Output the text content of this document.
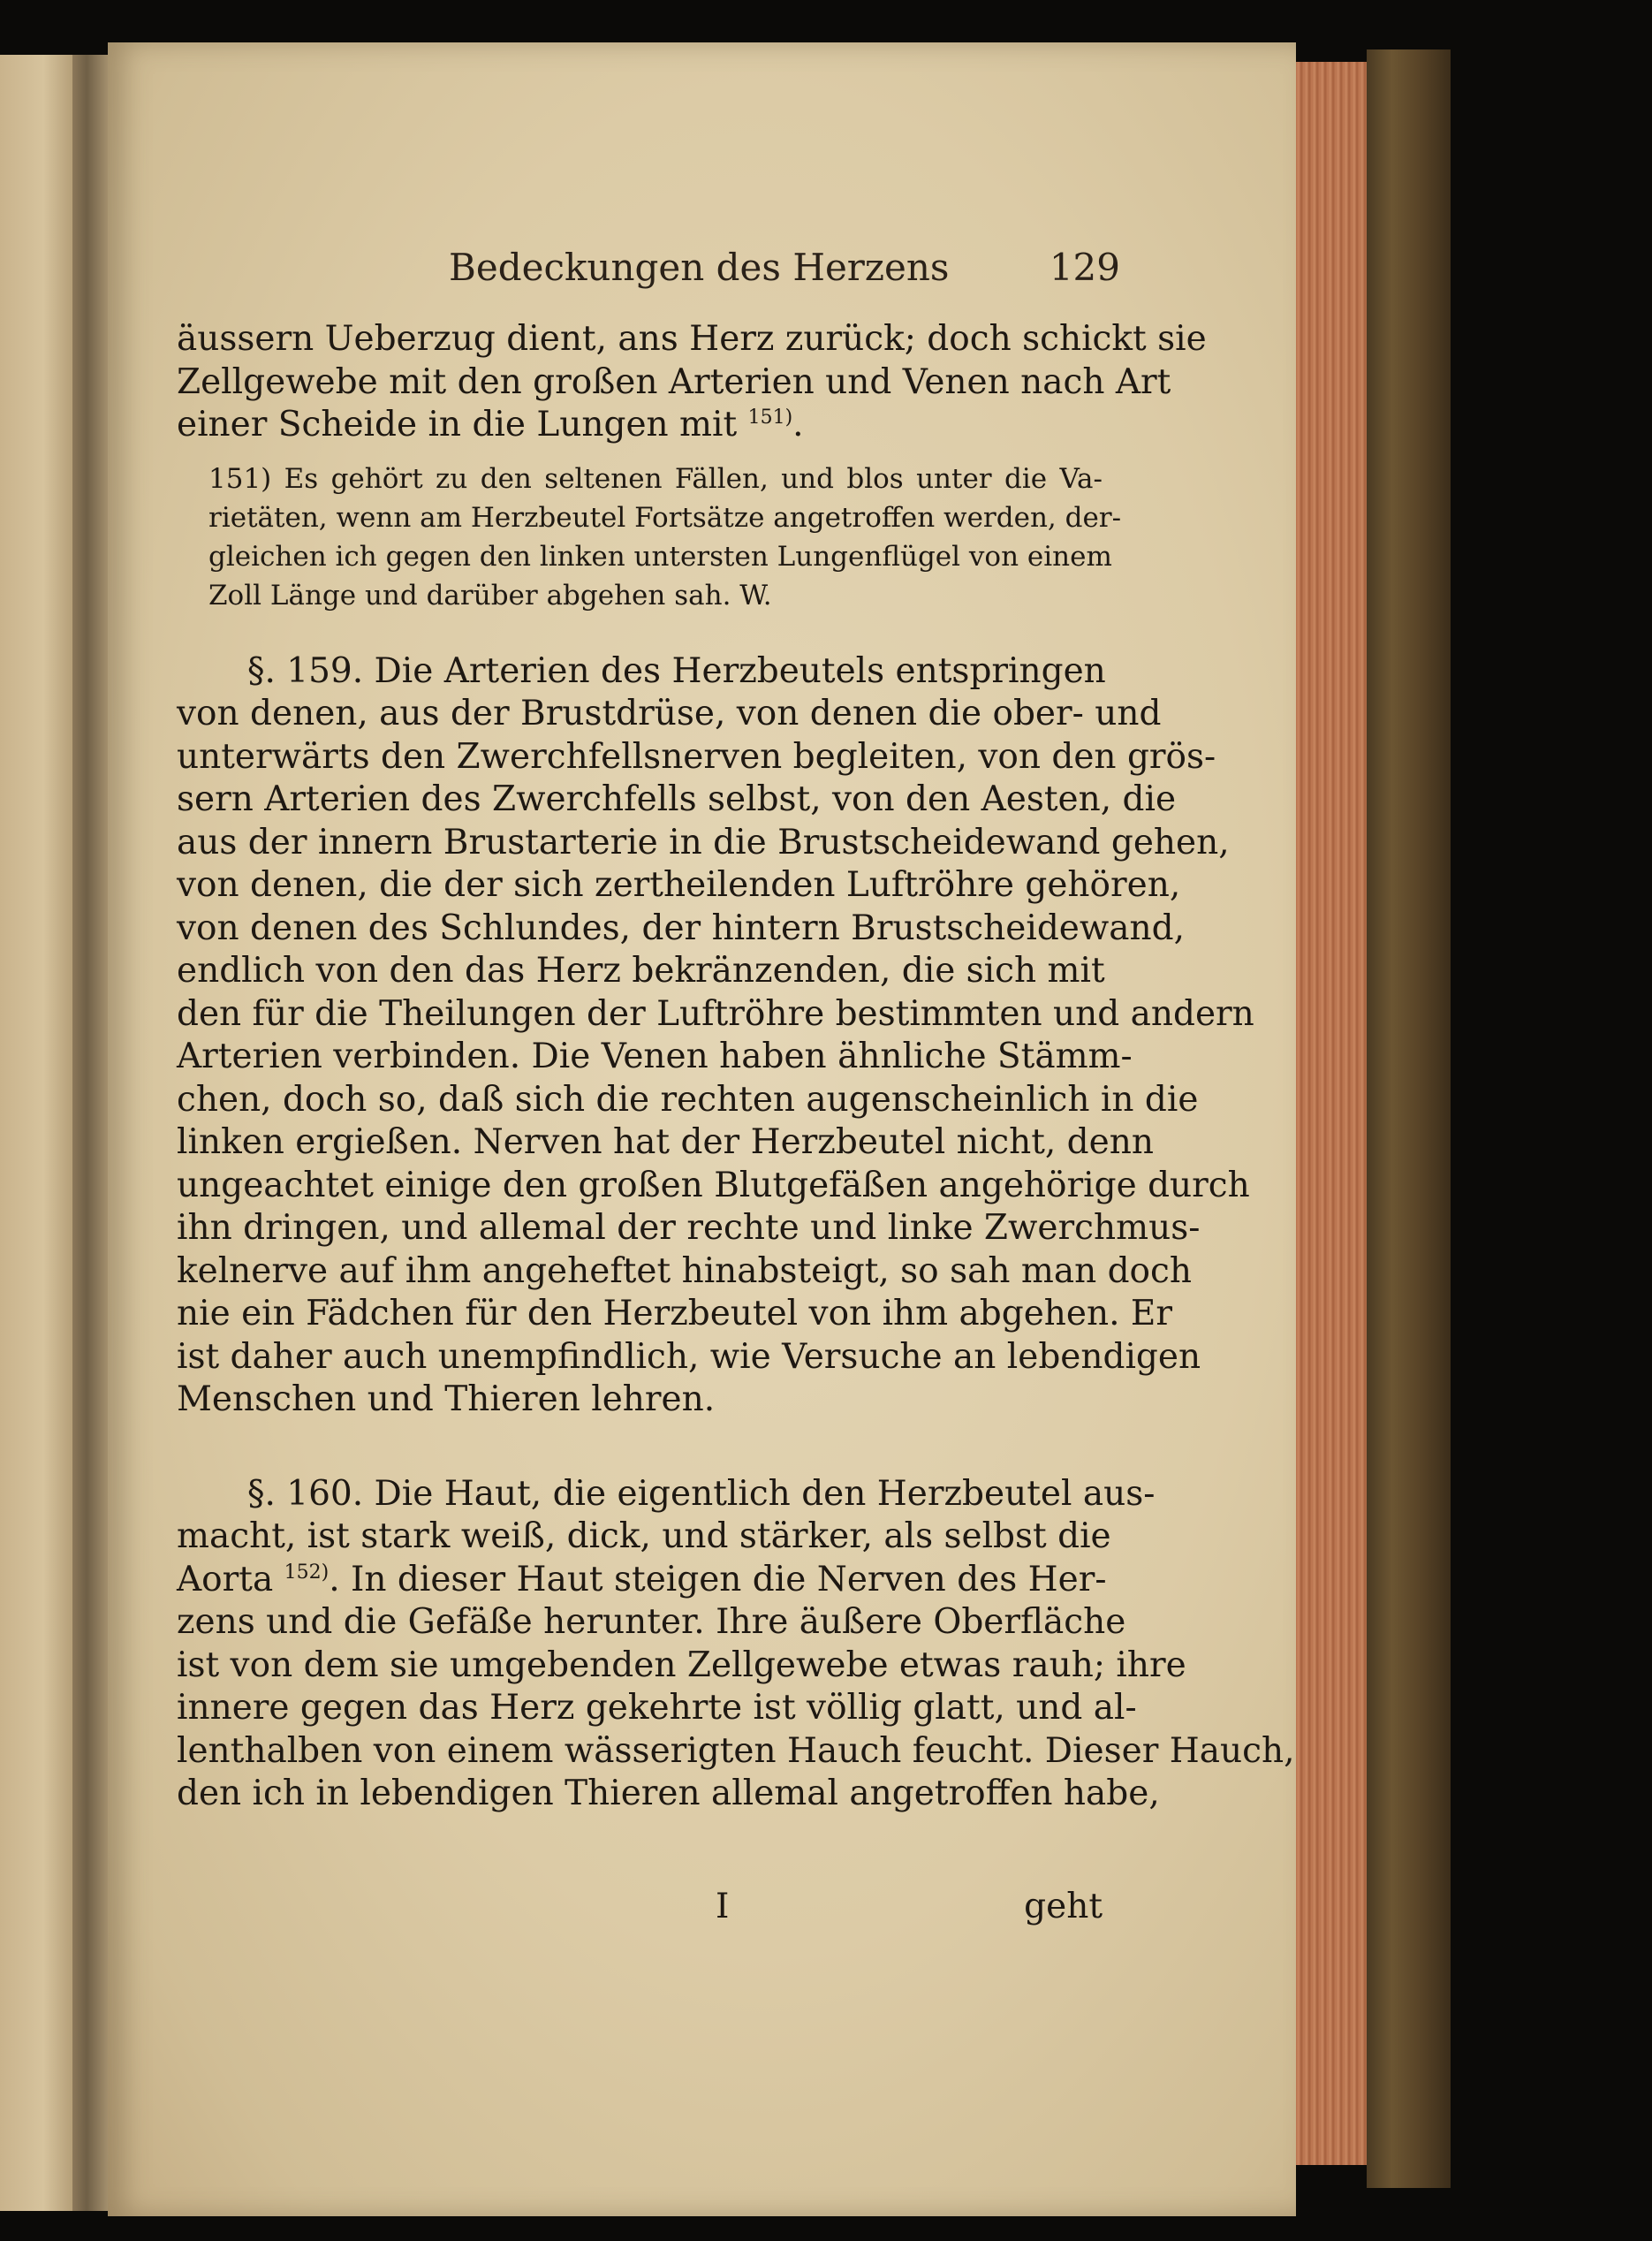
Bedeckungen des Herzens	129
äussern Ueberzug dient, ans Herz zurück; doch schickt sie
Zellgewebe mit den großen Arterien und Venen nach Art
einer Scheide in die Lungen mit $^{151)}$.
151) Es gehört zu den seltenen Fällen, und blos unter die Va-
rietäten, wenn am Herzbeutel Fortsätze angetroffen werden, der-
gleichen ich gegen den linken untersten Lungenflügel von einem
Zoll Länge und darüber abgehen sah. W.
§. 159. Die Arterien des Herzbeutels entspringen
von denen, aus der Brustdrüse, von denen die ober- und
unterwärts den Zwerchfellsnerven begleiten, von den grös-
sern Arterien des Zwerchfells selbst, von den Aesten, die
aus der innern Brustarterie in die Brustscheidewand gehen,
von denen, die der sich zertheilenden Luftröhre gehören,
von denen des Schlundes, der hintern Brustscheidewand,
endlich von den das Herz bekränzenden, die sich mit
den für die Theilungen der Luftröhre bestimmten und andern
Arterien verbinden. Die Venen haben ähnliche Stämm-
chen, doch so, daß sich die rechten augenscheinlich in die
linken ergießen. Nerven hat der Herzbeutel nicht, denn
ungeachtet einige den großen Blutgefäßen angehörige durch
ihn dringen, und allemal der rechte und linke Zwerchmus-
kelnerve auf ihm angeheftet hinabsteigt, so sah man doch
nie ein Fädchen für den Herzbeutel von ihm abgehen. Er
ist daher auch unempfindlich, wie Versuche an lebendigen
Menschen und Thieren lehren.
§. 160. Die Haut, die eigentlich den Herzbeutel aus-
macht, ist stark weiß, dick, und stärker, als selbst die
Aorta $^{152)}$. In dieser Haut steigen die Nerven des Her-
zens und die Gefäße herunter. Ihre äußere Oberfläche
ist von dem sie umgebenden Zellgewebe etwas rauh; ihre
innere gegen das Herz gekehrte ist völlig glatt, und al-
lenthalben von einem wässerigten Hauch feucht. Dieser Hauch,
den ich in lebendigen Thieren allemal angetroffen habe,
I	geht
